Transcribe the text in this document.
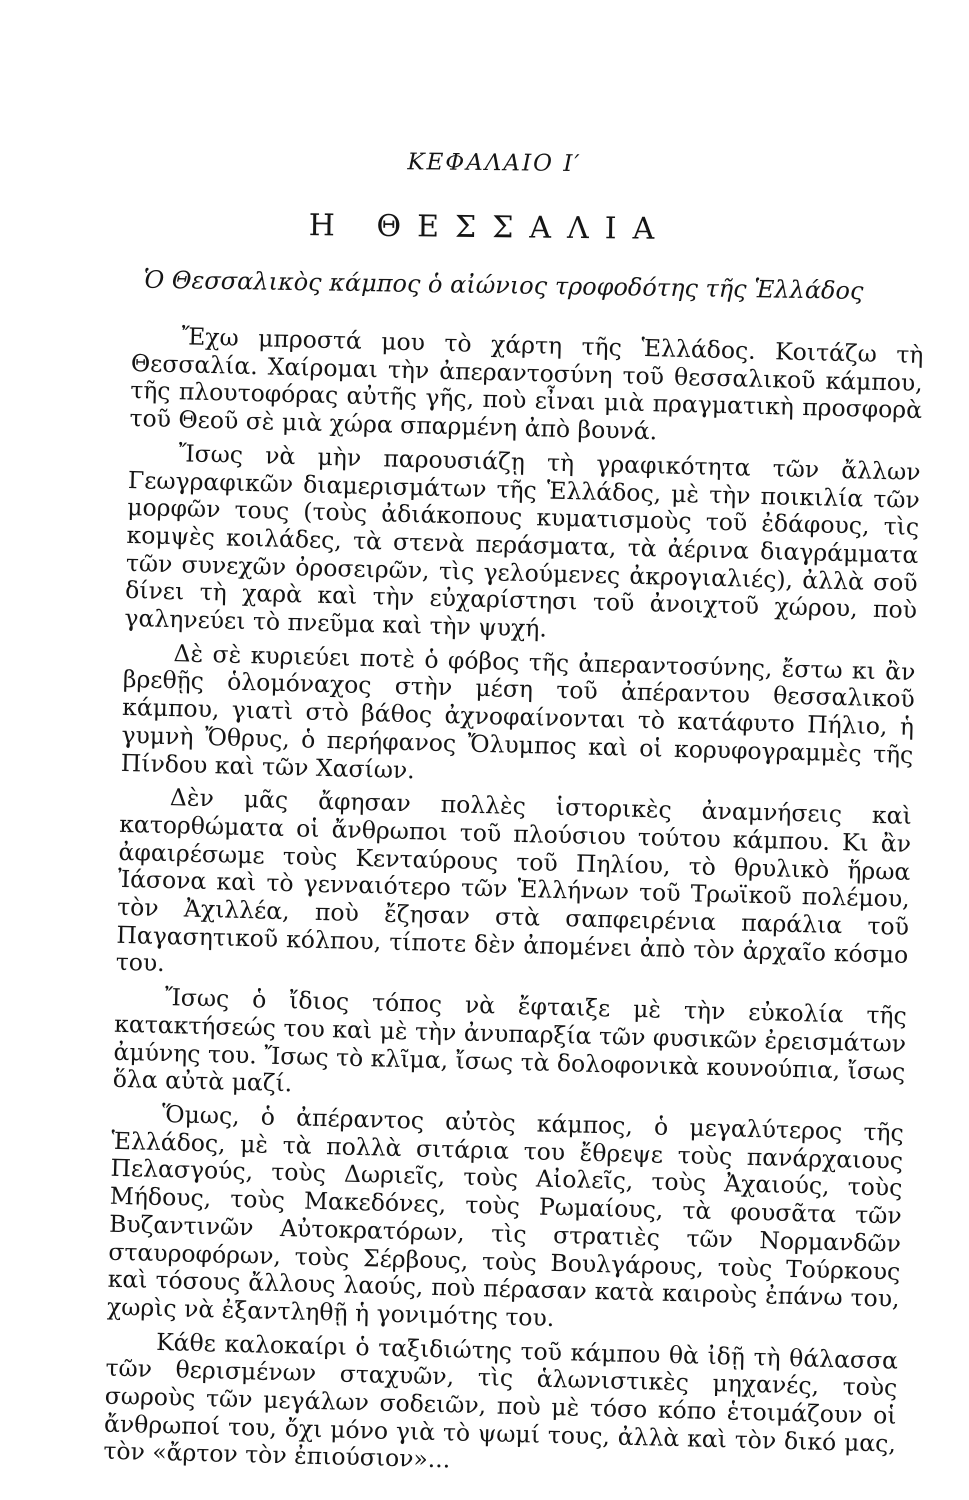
ΚΕΦΑΛΑΙΟ Ι′
Η ΘΕΣΣΑΛΙΑ
Ὁ Θεσσαλικὸς κάμπος ὁ αἰώνιος τροφοδότης τῆς Ἑλλάδος

Ἔχω μπροστά μου τὸ χάρτη τῆς Ἑλλάδος. Κοιτάζω τὴ Θεσσαλία. Χαίρομαι τὴν ἀπεραντοσύνη τοῦ θεσσαλικοῦ κάμπου, τῆς πλουτοφόρας αὐτῆς γῆς, ποὺ εἶναι μιὰ πραγματικὴ προσφορὰ τοῦ Θεοῦ σὲ μιὰ χώρα σπαρμένη ἀπὸ βουνά.

Ἴσως νὰ μὴν παρουσιάζῃ τὴ γραφικότητα τῶν ἄλλων Γεωγραφικῶν διαμερισμάτων τῆς Ἑλλάδος, μὲ τὴν ποικιλία τῶν μορφῶν τους (τοὺς ἀδιάκοπους κυματισμοὺς τοῦ ἐδάφους, τὶς κομψὲς κοιλάδες, τὰ στενὰ περάσματα, τὰ ἀέρινα διαγράμματα τῶν συνεχῶν ὀροσειρῶν, τὶς γελούμενες ἀκρογιαλιές), ἀλλὰ σοῦ δίνει τὴ χαρὰ καὶ τὴν εὐχαρίστησι τοῦ ἀνοιχτοῦ χώρου, ποὺ γαληνεύει τὸ πνεῦμα καὶ τὴν ψυχή.

Δὲ σὲ κυριεύει ποτὲ ὁ φόβος τῆς ἀπεραντοσύνης, ἔστω κι ἂν βρεθῇς ὁλομόναχος στὴν μέση τοῦ ἀπέραντου θεσσαλικοῦ κάμπου, γιατὶ στὸ βάθος ἀχνοφαίνονται τὸ κατάφυτο Πήλιο, ἡ γυμνὴ Ὄθρυς, ὁ περήφανος Ὄλυμπος καὶ οἱ κορυφογραμμὲς τῆς Πίνδου καὶ τῶν Χασίων.

Δὲν μᾶς ἄφησαν πολλὲς ἱστορικὲς ἀναμνήσεις καὶ κατορθώματα οἱ ἄνθρωποι τοῦ πλούσιου τούτου κάμπου. Κι ἂν ἀφαιρέσωμε τοὺς Κενταύρους τοῦ Πηλίου, τὸ θρυλικὸ ἥρωα Ἰάσονα καὶ τὸ γενναιότερο τῶν Ἑλλήνων τοῦ Τρωϊκοῦ πολέμου, τὸν Ἀχιλλέα, ποὺ ἔζησαν στὰ σαπφειρένια παράλια τοῦ Παγασητικοῦ κόλπου, τίποτε δὲν ἀπομένει ἀπὸ τὸν ἀρχαῖο κόσμο του.

Ἴσως ὁ ἴδιος τόπος νὰ ἔφταιξε μὲ τὴν εὐκολία τῆς κατακτήσεώς του καὶ μὲ τὴν ἀνυπαρξία τῶν φυσικῶν ἐρεισμάτων ἀμύνης του. Ἴσως τὸ κλῖμα, ἴσως τὰ δολοφονικὰ κουνούπια, ἴσως ὅλα αὐτὰ μαζί.

Ὅμως, ὁ ἀπέραντος αὐτὸς κάμπος, ὁ μεγαλύτερος τῆς Ἑλλάδος, μὲ τὰ πολλὰ σιτάρια του ἔθρεψε τοὺς πανάρχαιους Πελασγούς, τοὺς Δωριεῖς, τοὺς Αἰολεῖς, τοὺς Ἀχαιούς, τοὺς Μήδους, τοὺς Μακεδόνες, τοὺς Ρωμαίους, τὰ φουσᾶτα τῶν Βυζαντινῶν Αὐτοκρατόρων, τὶς στρατιὲς τῶν Νορμανδῶν σταυροφόρων, τοὺς Σέρβους, τοὺς Βουλγάρους, τοὺς Τούρκους καὶ τόσους ἄλλους λαούς, ποὺ πέρασαν κατὰ καιροὺς ἐπάνω του, χωρὶς νὰ ἐξαντληθῇ ἡ γονιμότης του.

Κάθε καλοκαίρι ὁ ταξιδιώτης τοῦ κάμπου θὰ ἰδῇ τὴ θάλασσα τῶν θερισμένων σταχυῶν, τὶς ἁλωνιστικὲς μηχανές, τοὺς σωροὺς τῶν μεγάλων σοδειῶν, ποὺ μὲ τόσο κόπο ἑτοιμάζουν οἱ ἄνθρωποί του, ὄχι μόνο γιὰ τὸ ψωμί τους, ἀλλὰ καὶ τὸν δικό μας, τὸν «ἄρτον τὸν ἐπιούσιον»...
